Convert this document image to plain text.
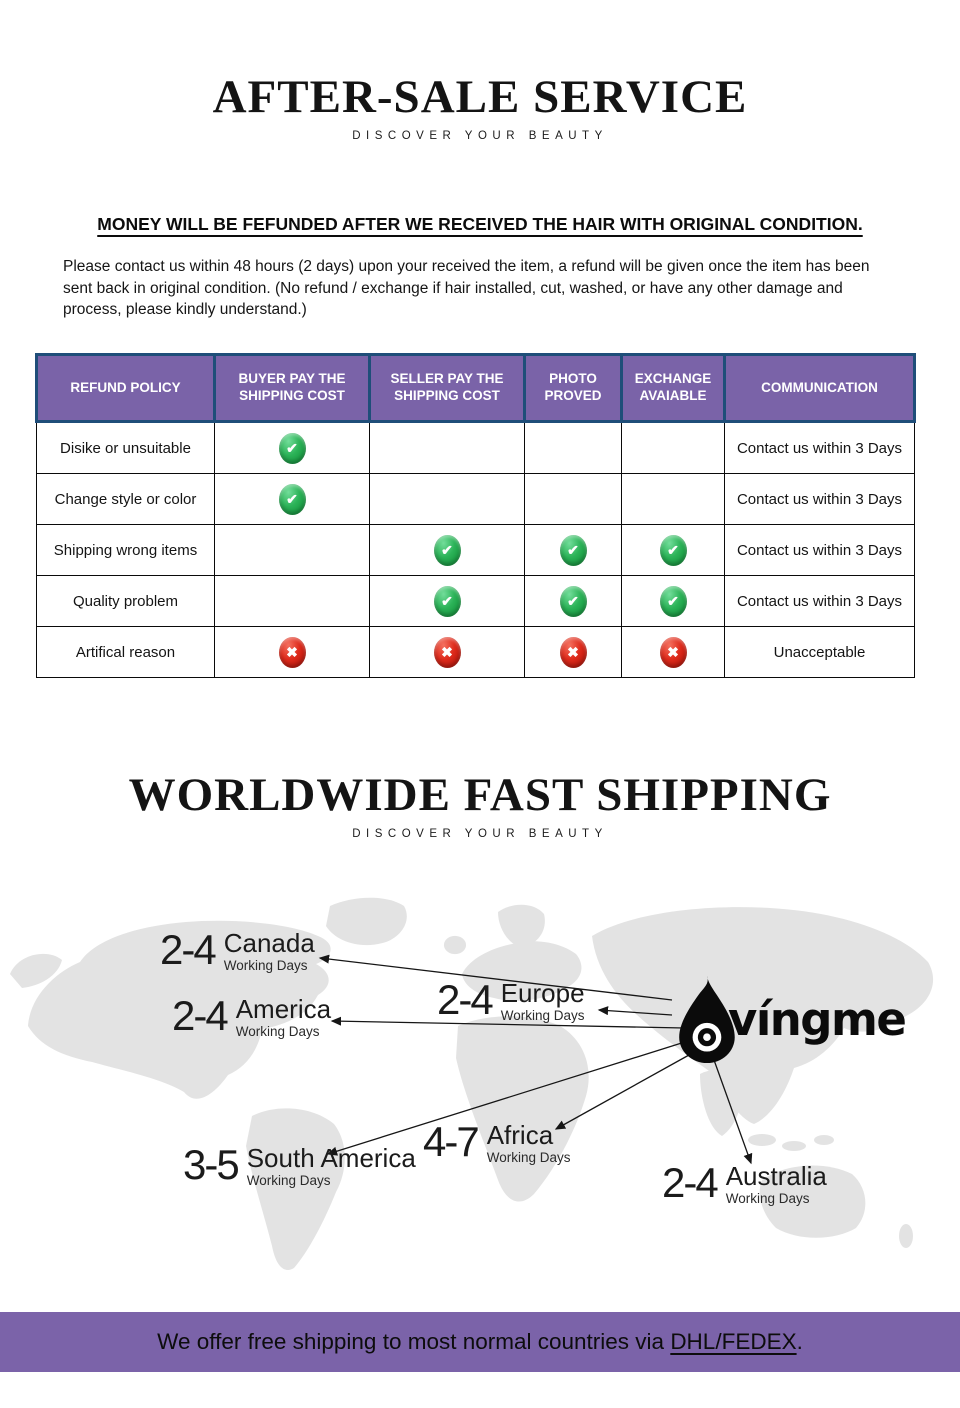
AFTER-SALE SERVICE
DISCOVER YOUR BEAUTY
MONEY WILL BE FEFUNDED AFTER WE RECEIVED THE HAIR WITH ORIGINAL CONDITION.
Please contact us within 48 hours (2 days) upon your received the item, a refund will be given once the item has been sent back in original condition. (No refund / exchange if hair installed, cut, washed, or have any other damage and process, please kindly understand.)
REFUND POLICY	BUYER PAY THE SHIPPING COST	SELLER PAY THE SHIPPING COST	PHOTO PROVED	EXCHANGE AVAIABLE	COMMUNICATION
Disike or unsuitable	✔				Contact us within 3 Days
Change style or color	✔				Contact us within 3 Days
Shipping wrong items		✔	✔	✔	Contact us within 3 Days
Quality problem		✔	✔	✔	Contact us within 3 Days
Artifical reason	✖	✖	✖	✖	Unacceptable
WORLDWIDE FAST SHIPPING
DISCOVER YOUR BEAUTY
2-4 Canada
Working Days
2-4 America
Working Days
2-4 Europe
Working Days
3-5 South America
Working Days
4-7 Africa
Working Days
2-4 Australia
Working Days
víngme
We offer free shipping to most normal countries via DHL/FEDEX.
